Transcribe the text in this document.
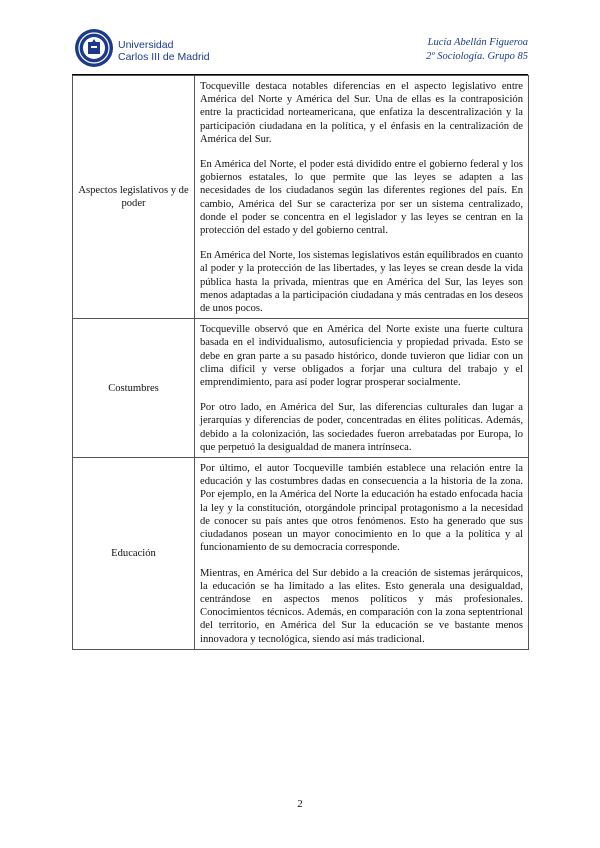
Universidad
Carlos III de Madrid
Lucía Abellán Figueroa
2º Sociología. Grupo 85
Aspectos legislativos y de poder	Tocqueville destaca notables diferencias en el aspecto legislativo entre América del Norte y América del Sur. Una de ellas es la contraposición entre la practicidad norteamericana, que enfatiza la descentralización y la participación ciudadana en la política, y el énfasis en la centralización de América del Sur.

En América del Norte, el poder está dividido entre el gobierno federal y los gobiernos estatales, lo que permite que las leyes se adapten a las necesidades de los ciudadanos según las diferentes regiones del país. En cambio, América del Sur se caracteriza por ser un sistema centralizado, donde el poder se concentra en el legislador y las leyes se centran en la protección del estado y del gobierno central.

En América del Norte, los sistemas legislativos están equilibrados en cuanto al poder y la protección de las libertades, y las leyes se crean desde la vida pública hasta la privada, mientras que en América del Sur, las leyes son menos adaptadas a la participación ciudadana y más centradas en los deseos de unos pocos.

Costumbres	Tocqueville observó que en América del Norte existe una fuerte cultura basada en el individualismo, autosuficiencia y propiedad privada. Esto se debe en gran parte a su pasado histórico, donde tuvieron que lidiar con un clima difícil y verse obligados a forjar una cultura del trabajo y el emprendimiento, para así poder lograr prosperar socialmente.

Por otro lado, en América del Sur, las diferencias culturales dan lugar a jerarquías y diferencias de poder, concentradas en élites políticas. Además, debido a la colonización, las sociedades fueron arrebatadas por Europa, lo que perpetuó la desigualdad de manera intrínseca.

Educación	Por último, el autor Tocqueville también establece una relación entre la educación y las costumbres dadas en consecuencia a la historia de la zona. Por ejemplo, en la América del Norte la educación ha estado enfocada hacia la ley y la constitución, otorgándole principal protagonismo a la necesidad de conocer su país antes que otros fenómenos. Esto ha generado que sus ciudadanos posean un mayor conocimiento en lo que a la política y al funcionamiento de su democracia corresponde.

Mientras, en América del Sur debido a la creación de sistemas jerárquicos, la educación se ha limitado a las elites. Esto generala una desigualdad, centrándose en aspectos menos políticos y más profesionales. Conocimientos técnicos. Además, en comparación con la zona septentrional del territorio, en América del Sur la educación se ve bastante menos innovadora y tecnológica, siendo así más tradicional.

2
